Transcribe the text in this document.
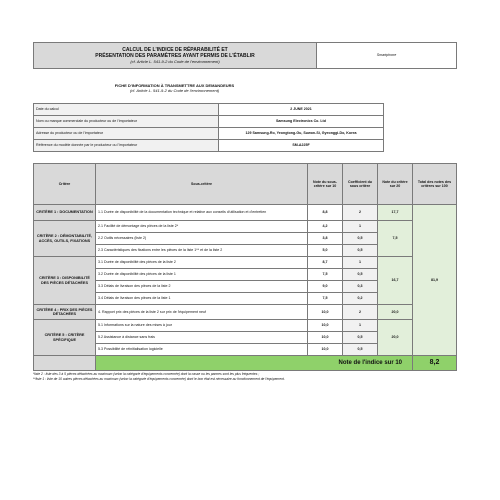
CALCUL DE L'INDICE DE RÉPARABILITÉ ET
PRÉSENTATION DES PARAMÈTRES AYANT PERMIS DE L'ÉTABLIR
(cf. Article L. 541-9-2 du Code de l'environnement)
	Smartphone
FICHE D'INFORMATION À TRANSMETTRE AUX DEMANDEURS
(cf. Article L. 541-9-2 du Code de l'environnement)
Date du calcul	2 JUNE 2021	
Nom ou marque commerciale du producteur ou de l'importateur	Samsung Electronics Co. Ltd	
Adresse du producteur ou de l'importateur	129 Samsung-Ro, Yeongtong-Gu, Suwon-Si, Gyeonggi-Do, Korea	
Référence du modèle donnée par le producteur ou l'importateur	SM-A225F	
Critère	Sous-critère	Note du sous-critère sur 10	Coefficient du sous critère	Note du critère sur 20	Total des notes des critères sur 100
CRITÈRE 1 : DOCUMENTATION	1.1 Durée de disponibilité de la documentation technique et relative aux conseils d'utilisation et d'entretien	8,8	2	17,7	81,9
CRITÈRE 2 : DÉMONTABILITÉ, ACCÈS, OUTILS, FIXATIONS	2.1 Facilité de démontage des pièces de la liste 2*	4,2	1	7,5	
	2.2 Outils nécessaires (liste 2)	3,8	0,5		
	2.3 Caractéristiques des fixations entre les pièces de la liste 1** et de la liste 2	5,0	0,5		
CRITÈRE 3 : DISPONIBILITÉ DES PIÈCES DÉTACHÉES	3.1 Durée de disponibilité des pièces de la liste 2	8,7	1	16,7	
	3.2 Durée de disponibilité des pièces de la liste 1	7,5	0,5		
	3.3 Délais de livraison des pièces de la liste 2	9,0	0,3		
	3.4 Délais de livraison des pièces de la liste 1	7,5	0,2		
CRITÈRE 4 : PRIX DES PIÈCES DÉTACHÉES	4. Rapport prix des pièces de la liste 2 sur prix de l'équipement neuf	10,0	2	20,0	
CRITÈRE 5 : CRITÈRE SPÉCIFIQUE	5.1 Informations sur la nature des mises à jour	10,0	1	20,0	
	5.2 Assistance à distance sans frais	10,0	0,5		
	5.3 Possibilité de réinitialisation logicielle	10,0	0,5		
	Note de l'indice sur 10				8,2
*liste 2 : liste des 3 à 5 pièces détachées au maximum (selon la catégorie d'équipements concernée) dont la casse ou les pannes sont les plus fréquentes ;
**liste 1 : liste de 10 autres pièces détachées au maximum (selon la catégorie d'équipements concernée) dont le bon état est nécessaire au fonctionnement de l'équipement.
